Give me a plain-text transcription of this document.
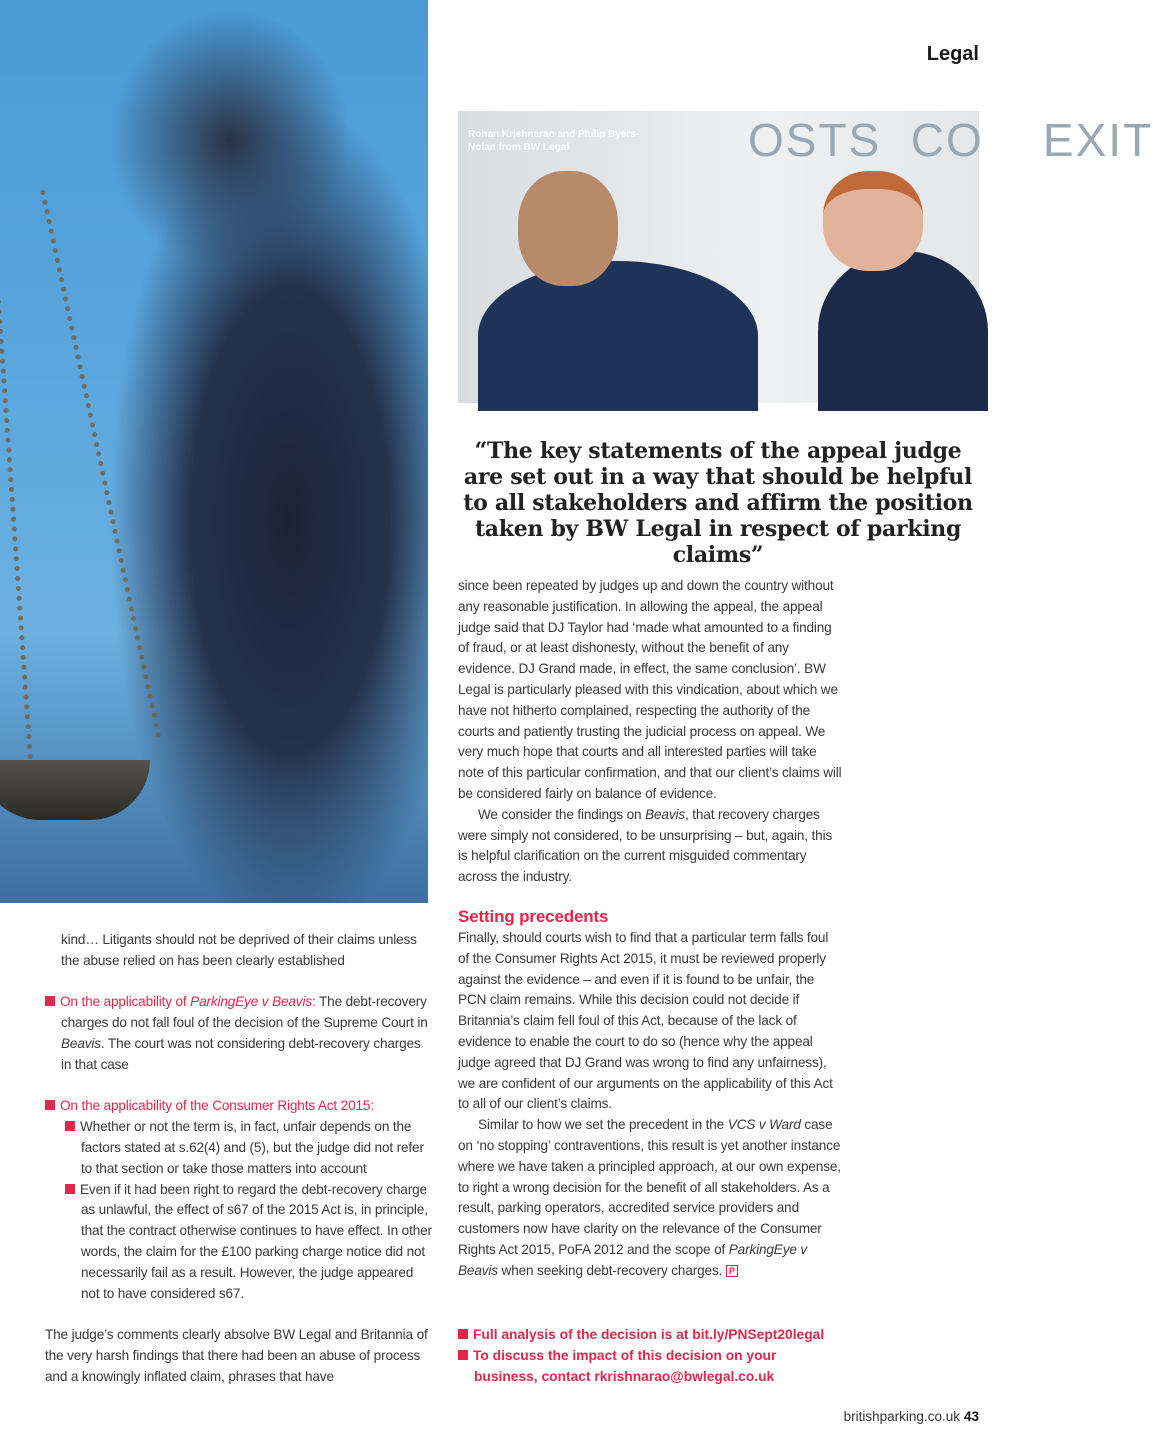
Legal
OSTS  CO    EXIT
Rohan Krishnarao and Philip Byers-Nolan from BW Legal
“The key statements of the appeal judge are set out in a way that should be helpful to all stakeholders and affirm the position taken by BW Legal in respect of parking claims”

kind… Litigants should not be deprived of their claims unless the abuse relied on has been clearly established

On the applicability of ParkingEye v Beavis: The debt-recovery charges do not fall foul of the decision of the Supreme Court in Beavis. The court was not considering debt-recovery charges in that case

On the applicability of the Consumer Rights Act 2015:

Whether or not the term is, in fact, unfair depends on the factors stated at s.62(4) and (5), but the judge did not refer to that section or take those matters into account

Even if it had been right to regard the debt-recovery charge as unlawful, the effect of s67 of the 2015 Act is, in principle, that the contract otherwise continues to have effect. In other words, the claim for the £100 parking charge notice did not necessarily fail as a result. However, the judge appeared not to have considered s67.

The judge’s comments clearly absolve BW Legal and Britannia of the very harsh findings that there had been an abuse of process and a knowingly inflated claim, phrases that have

since been repeated by judges up and down the country without any reasonable justification. In allowing the appeal, the appeal judge said that DJ Taylor had ‘made what amounted to a finding of fraud, or at least dishonesty, without the benefit of any evidence. DJ Grand made, in effect, the same conclusion’. BW Legal is particularly pleased with this vindication, about which we have not hitherto complained, respecting the authority of the courts and patiently trusting the judicial process on appeal. We very much hope that courts and all interested parties will take note of this particular confirmation, and that our client’s claims will be considered fairly on balance of evidence.

We consider the findings on Beavis, that recovery charges were simply not considered, to be unsurprising – but, again, this is helpful clarification on the current misguided commentary across the industry.

Setting precedents

Finally, should courts wish to find that a particular term falls foul of the Consumer Rights Act 2015, it must be reviewed properly against the evidence – and even if it is found to be unfair, the PCN claim remains. While this decision could not decide if Britannia’s claim fell foul of this Act, because of the lack of evidence to enable the court to do so (hence why the appeal judge agreed that DJ Grand was wrong to find any unfairness), we are confident of our arguments on the applicability of this Act to all of our client’s claims.

Similar to how we set the precedent in the VCS v Ward case on ‘no stopping’ contraventions, this result is yet another instance where we have taken a principled approach, at our own expense, to right a wrong decision for the benefit of all stakeholders. As a result, parking operators, accredited service providers and customers now have clarity on the relevance of the Consumer Rights Act 2015, PoFA 2012 and the scope of ParkingEye v Beavis when seeking debt-recovery charges. P

Full analysis of the decision is at bit.ly/PNSept20legal
To discuss the impact of this decision on your business, contact rkrishnarao@bwlegal.co.uk
britishparking.co.uk 43
